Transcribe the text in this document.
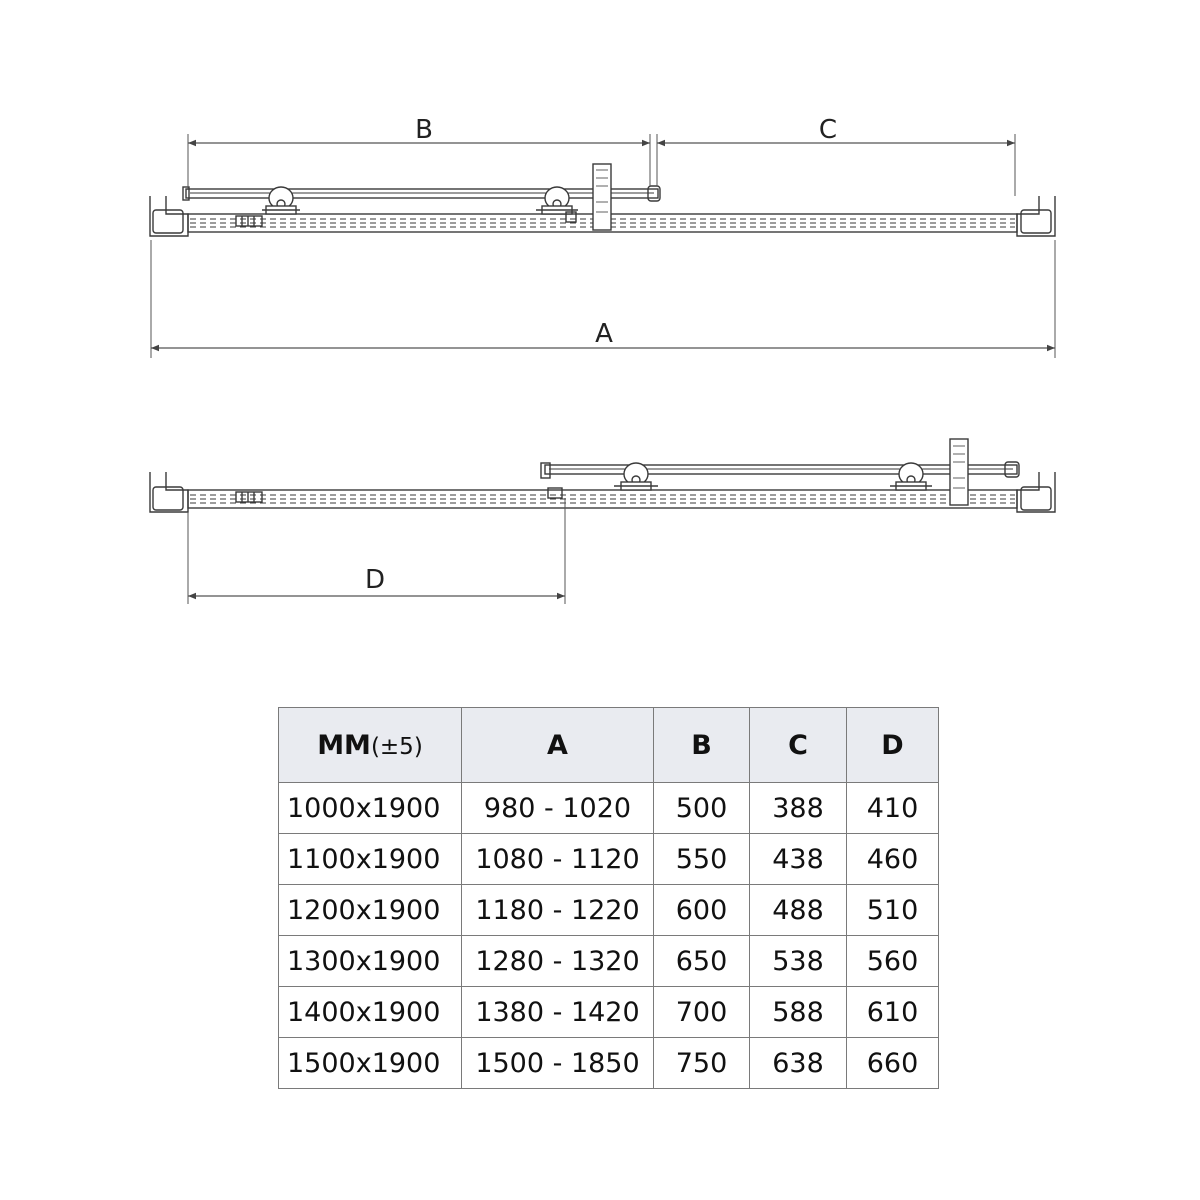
B	C
A
D
MM(±5)	A	B	C	D
1000x1900	980 - 1020	500	388	410
1100x1900	1080 - 1120	550	438	460
1200x1900	1180 - 1220	600	488	510
1300x1900	1280 - 1320	650	538	560
1400x1900	1380 - 1420	700	588	610
1500x1900	1500 - 1850	750	638	660
